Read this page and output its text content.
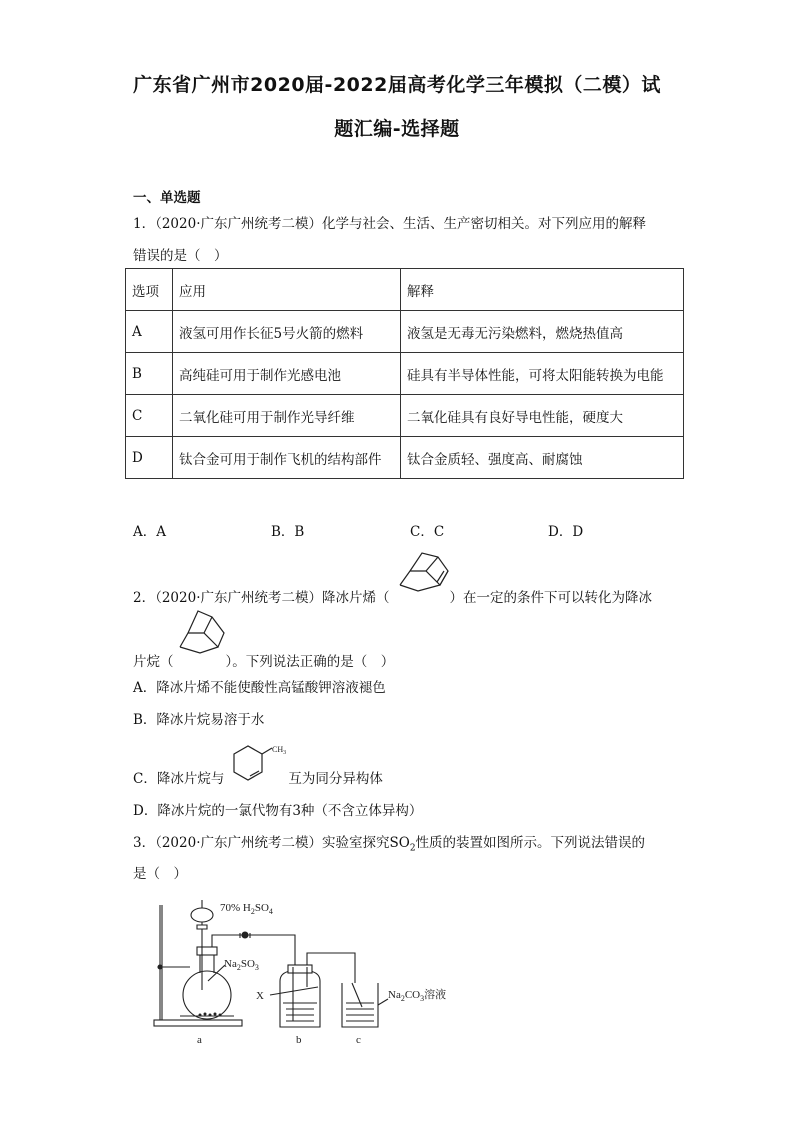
广东省广州市2020届-2022届高考化学三年模拟（二模）试
题汇编-选择题
一、单选题
1．（2020·广东广州统考二模）化学与社会、生活、生产密切相关。对下列应用的解释
错误的是（　）
选项	应用	解释
A	液氢可用作长征5号火箭的燃料	液氢是无毒无污染燃料，燃烧热值高
B	高纯硅可用于制作光感电池	硅具有半导体性能，可将太阳能转换为电能
C	二氧化硅可用于制作光导纤维	二氧化硅具有良好导电性能，硬度大
D	钛合金可用于制作飞机的结构部件	钛合金质轻、强度高、耐腐蚀
A．A	B．B	C．C	D．D
2．（2020·广东广州统考二模）降冰片烯（	）在一定的条件下可以转化为降冰
片烷（	）。下列说法正确的是（　）
A．降冰片烯不能使酸性高锰酸钾溶液褪色
B．降冰片烷易溶于水
C．降冰片烷与	互为同分异构体
$CH_3$
D．降冰片烷的一氯代物有3种（不含立体异构）
3．（2020·广东广州统考二模）实验室探究$SO_2$性质的装置如图所示。下列说法错误的
是（　）
70% $H_2SO_4$
$Na_2SO_3$
X	$Na_2CO_3$溶液
a	b	c
